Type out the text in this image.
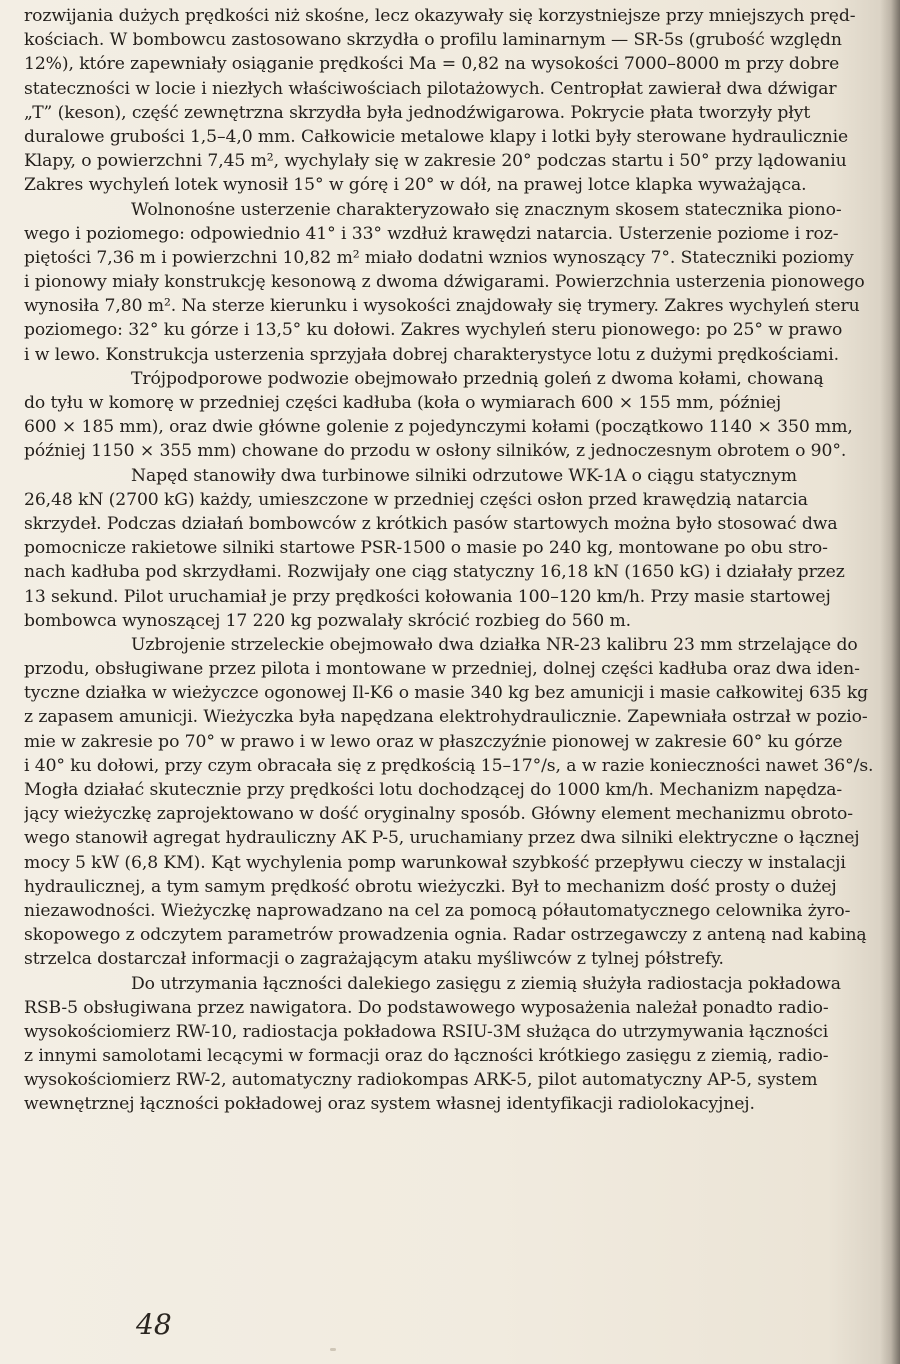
rozwijania dużych prędkości niż skośne, lecz okazywały się korzystniejsze przy mniejszych pręd-
kościach. W bombowcu zastosowano skrzydła o profilu laminarnym — SR-5s (grubość względn
12%), które zapewniały osiąganie prędkości Ma = 0,82 na wysokości 7000–8000 m przy dobre
stateczności w locie i niezłych właściwościach pilotażowych. Centropłat zawierał dwa dźwigar
„T” (keson), część zewnętrzna skrzydła była jednodźwigarowa. Pokrycie płata tworzyły płyt
duralowe grubości 1,5–4,0 mm. Całkowicie metalowe klapy i lotki były sterowane hydraulicznie
Klapy, o powierzchni 7,45 m², wychylały się w zakresie 20° podczas startu i 50° przy lądowaniu
Zakres wychyleń lotek wynosił 15° w górę i 20° w dół, na prawej lotce klapka wyważająca.

Wolnonośne usterzenie charakteryzowało się znacznym skosem statecznika piono-
wego i poziomego: odpowiednio 41° i 33° wzdłuż krawędzi natarcia. Usterzenie poziome i roz-
piętości 7,36 m i powierzchni 10,82 m² miało dodatni wznios wynoszący 7°. Stateczniki poziomy
i pionowy miały konstrukcję kesonową z dwoma dźwigarami. Powierzchnia usterzenia pionowego
wynosiła 7,80 m². Na sterze kierunku i wysokości znajdowały się trymery. Zakres wychyleń steru
poziomego: 32° ku górze i 13,5° ku dołowi. Zakres wychyleń steru pionowego: po 25° w prawo
i w lewo. Konstrukcja usterzenia sprzyjała dobrej charakterystyce lotu z dużymi prędkościami.

Trójpodporowe podwozie obejmowało przednią goleń z dwoma kołami, chowaną
do tyłu w komorę w przedniej części kadłuba (koła o wymiarach 600 × 155 mm, później
600 × 185 mm), oraz dwie główne golenie z pojedynczymi kołami (początkowo 1140 × 350 mm,
później 1150 × 355 mm) chowane do przodu w osłony silników, z jednoczesnym obrotem o 90°.

Napęd stanowiły dwa turbinowe silniki odrzutowe WK-1A o ciągu statycznym
26,48 kN (2700 kG) każdy, umieszczone w przedniej części osłon przed krawędzią natarcia
skrzydeł. Podczas działań bombowców z krótkich pasów startowych można było stosować dwa
pomocnicze rakietowe silniki startowe PSR-1500 o masie po 240 kg, montowane po obu stro-
nach kadłuba pod skrzydłami. Rozwijały one ciąg statyczny 16,18 kN (1650 kG) i działały przez
13 sekund. Pilot uruchamiał je przy prędkości kołowania 100–120 km/h. Przy masie startowej
bombowca wynoszącej 17 220 kg pozwalały skrócić rozbieg do 560 m.

Uzbrojenie strzeleckie obejmowało dwa działka NR-23 kalibru 23 mm strzelające do
przodu, obsługiwane przez pilota i montowane w przedniej, dolnej części kadłuba oraz dwa iden-
tyczne działka w wieżyczce ogonowej Il-K6 o masie 340 kg bez amunicji i masie całkowitej 635 kg
z zapasem amunicji. Wieżyczka była napędzana elektrohydraulicznie. Zapewniała ostrzał w pozio-
mie w zakresie po 70° w prawo i w lewo oraz w płaszczyźnie pionowej w zakresie 60° ku górze
i 40° ku dołowi, przy czym obracała się z prędkością 15–17°/s, a w razie konieczności nawet 36°/s.
Mogła działać skutecznie przy prędkości lotu dochodzącej do 1000 km/h. Mechanizm napędza-
jący wieżyczkę zaprojektowano w dość oryginalny sposób. Główny element mechanizmu obroto-
wego stanowił agregat hydrauliczny AK P-5, uruchamiany przez dwa silniki elektryczne o łącznej
mocy 5 kW (6,8 KM). Kąt wychylenia pomp warunkował szybkość przepływu cieczy w instalacji
hydraulicznej, a tym samym prędkość obrotu wieżyczki. Był to mechanizm dość prosty o dużej
niezawodności. Wieżyczkę naprowadzano na cel za pomocą półautomatycznego celownika żyro-
skopowego z odczytem parametrów prowadzenia ognia. Radar ostrzegawczy z anteną nad kabiną
strzelca dostarczał informacji o zagrażającym ataku myśliwców z tylnej półstrefy.

Do utrzymania łączności dalekiego zasięgu z ziemią służyła radiostacja pokładowa
RSB-5 obsługiwana przez nawigatora. Do podstawowego wyposażenia należał ponadto radio-
wysokościomierz RW-10, radiostacja pokładowa RSIU-3M służąca do utrzymywania łączności
z innymi samolotami lecącymi w formacji oraz do łączności krótkiego zasięgu z ziemią, radio-
wysokościomierz RW-2, automatyczny radiokompas ARK-5, pilot automatyczny AP-5, system
wewnętrznej łączności pokładowej oraz system własnej identyfikacji radiolokacyjnej.

48
